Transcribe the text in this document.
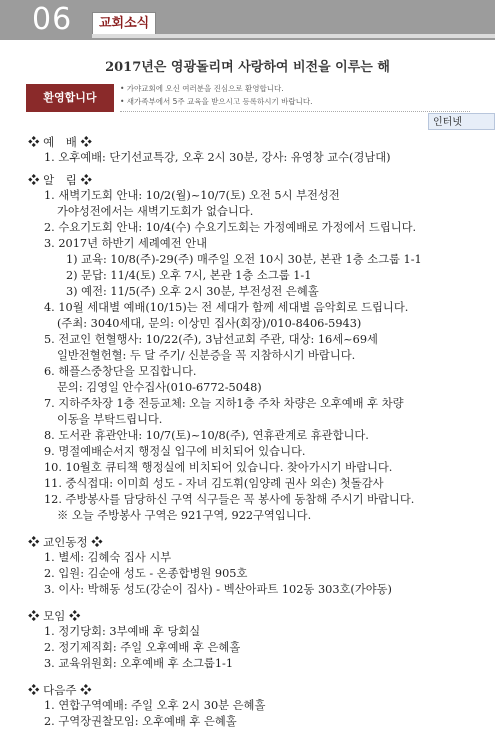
06	교회소식
2017년은 영광돌리며 사랑하여 비전을 이루는 해
환영합니다
• 가야교회에 오신 여러분을 진심으로 환영합니다.
• 새가족부에서 5주 교육을 받으시고 등록하시기 바랍니다.
인터넷
❖ 예　배 ❖
1. 오후예배: 단기선교특강, 오후 2시 30분, 강사: 유영창 교수(경남대)
❖ 알　림 ❖
1. 새벽기도회 안내: 10/2(월)~10/7(토) 오전 5시 부전성전
가야성전에서는 새벽기도회가 없습니다.
2. 수요기도회 안내: 10/4(수) 수요기도회는 가정예배로 가정에서 드립니다.
3. 2017년 하반기 세례예전 안내
1) 교육: 10/8(주)-29(주) 매주일 오전 10시 30분, 본관 1층 소그룹 1-1
2) 문답: 11/4(토) 오후 7시, 본관 1층 소그룹 1-1
3) 예전: 11/5(주) 오후 2시 30분, 부전성전 은혜홀
4. 10월 세대별 예배(10/15)는 전 세대가 함께 세대별 음악회로 드립니다.
(주최: 3040세대, 문의: 이상민 집사(회장)/010-8406-5943)
5. 전교인 헌혈행사: 10/22(주), 3남선교회 주관, 대상: 16세~69세
일반전혈헌혈: 두 달 주기/ 신분증을 꼭 지참하시기 바랍니다.
6. 해플스중창단을 모집합니다.
문의: 김영일 안수집사(010-6772-5048)
7. 지하주차장 1층 전등교체: 오늘 지하1층 주차 차량은 오후예배 후 차량
이동을 부탁드립니다.
8. 도서관 휴관안내: 10/7(토)~10/8(주), 연휴관계로 휴관합니다.
9. 명절예배순서지 행정실 입구에 비치되어 있습니다.
10. 10월호 큐티책 행정실에 비치되어 있습니다. 찾아가시기 바랍니다.
11. 중식접대: 이미희 성도 - 자녀 김도휘(임양례 권사 외손) 첫돌감사
12. 주방봉사를 담당하신 구역 식구들은 꼭 봉사에 동참해 주시기 바랍니다.
※ 오늘 주방봉사 구역은 921구역, 922구역입니다.
❖ 교인동정 ❖
1. 별세: 김혜숙 집사 시부
2. 입원: 김순애 성도 - 온종합병원 905호
3. 이사: 박해동 성도(강순이 집사) - 벡산아파트 102동 303호(가야동)
❖ 모임 ❖
1. 정기당회: 3부예배 후 당회실
2. 정기제직회: 주일 오후예배 후 은혜홀
3. 교육위원회: 오후예배 후 소그룹1-1
❖ 다음주 ❖
1. 연합구역예배: 주일 오후 2시 30분 은혜홀
2. 구역장권찰모임: 오후예배 후 은혜홀
